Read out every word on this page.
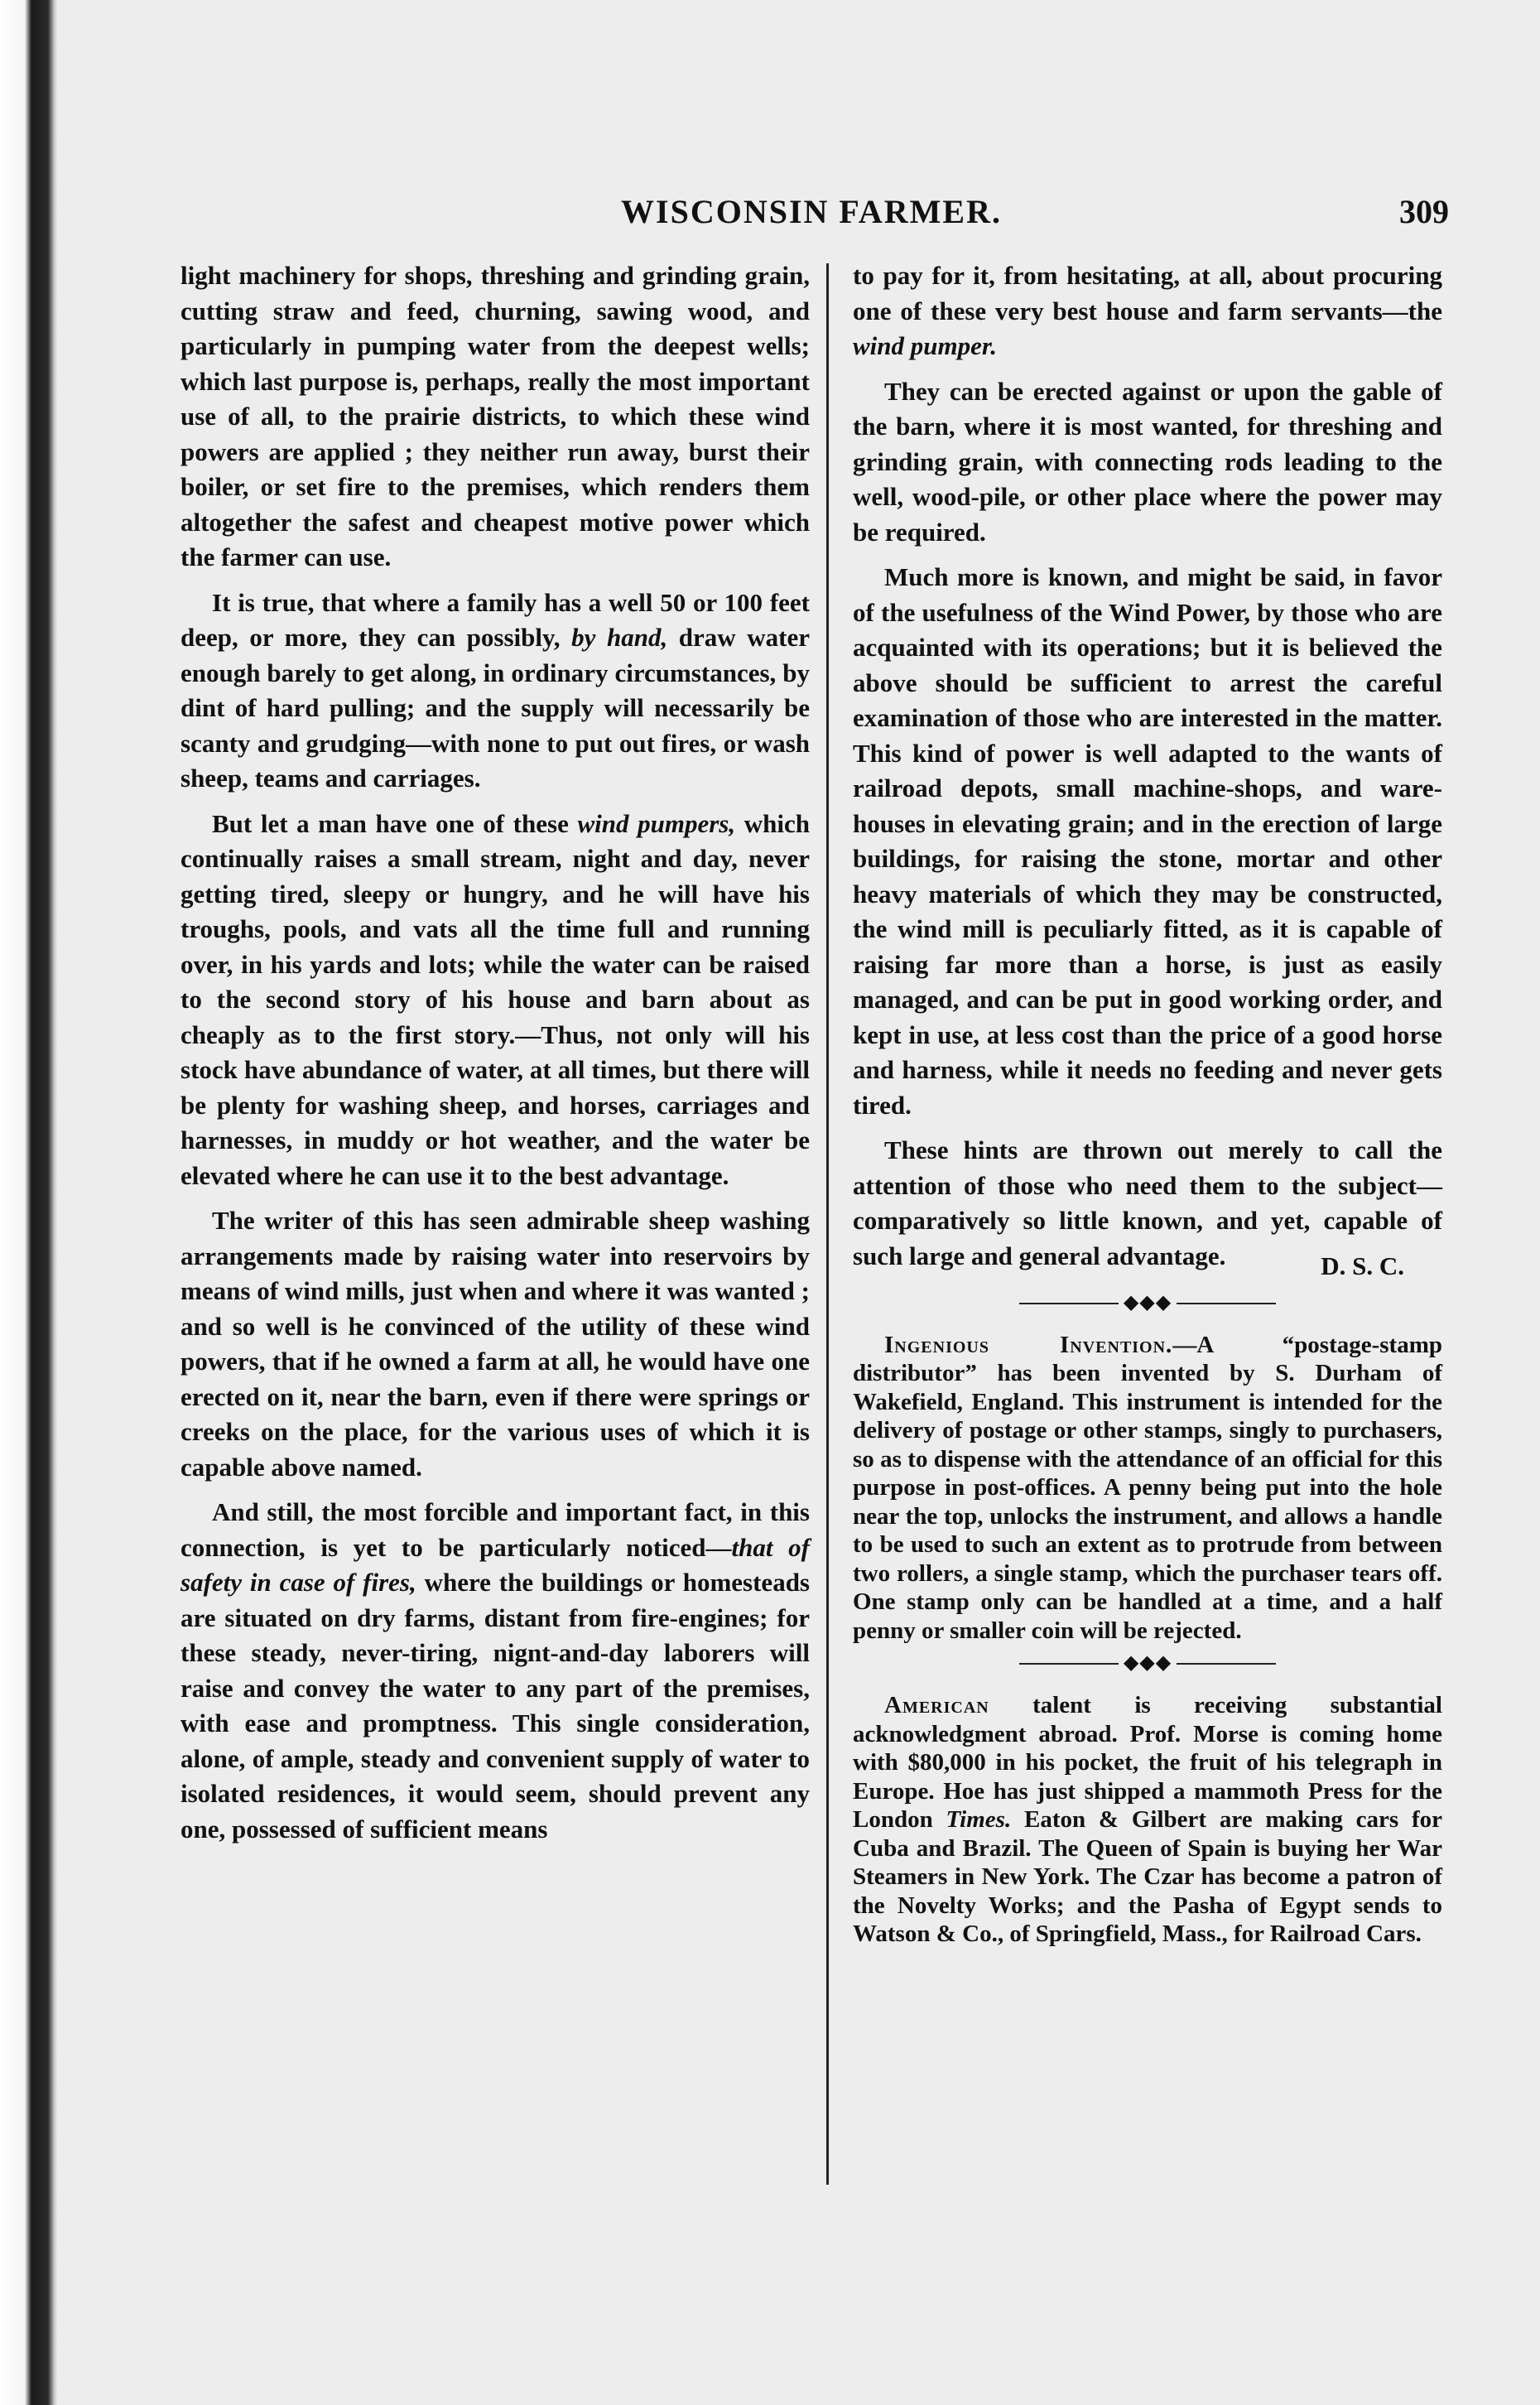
WISCONSIN FARMER.	309

light machinery for shops, threshing and grinding grain, cutting straw and feed, churning, sawing wood, and particularly in pumping water from the deepest wells; which last purpose is, perhaps, really the most important use of all, to the prairie districts, to which these wind powers are applied ; they neither run away, burst their boiler, or set fire to the premises, which renders them altogether the safest and cheapest motive power which the farmer can use.

It is true, that where a family has a well 50 or 100 feet deep, or more, they can possibly, by hand, draw water enough barely to get along, in ordinary circumstances, by dint of hard pulling; and the supply will necessarily be scanty and grudging—with none to put out fires, or wash sheep, teams and carriages.

But let a man have one of these wind pumpers, which continually raises a small stream, night and day, never getting tired, sleepy or hungry, and he will have his troughs, pools, and vats all the time full and running over, in his yards and lots; while the water can be raised to the second story of his house and barn about as cheaply as to the first story.—Thus, not only will his stock have abundance of water, at all times, but there will be plenty for washing sheep, and horses, carriages and harnesses, in muddy or hot weather, and the water be elevated where he can use it to the best advantage.

The writer of this has seen admirable sheep washing arrangements made by raising water into reservoirs by means of wind mills, just when and where it was wanted ; and so well is he convinced of the utility of these wind powers, that if he owned a farm at all, he would have one erected on it, near the barn, even if there were springs or creeks on the place, for the various uses of which it is capable above named.

And still, the most forcible and important fact, in this connection, is yet to be particularly noticed—that of safety in case of fires, where the buildings or homesteads are situated on dry farms, distant from fire-engines; for these steady, never-tiring, nignt-and-day laborers will raise and convey the water to any part of the premises, with ease and promptness. This single consideration, alone, of ample, steady and convenient supply of water to isolated residences, it would seem, should prevent any one, possessed of sufficient means

to pay for it, from hesitating, at all, about procuring one of these very best house and farm servants—the wind pumper.

They can be erected against or upon the gable of the barn, where it is most wanted, for threshing and grinding grain, with connecting rods leading to the well, wood-pile, or other place where the power may be required.

Much more is known, and might be said, in favor of the usefulness of the Wind Power, by those who are acquainted with its operations; but it is believed the above should be sufficient to arrest the careful examination of those who are interested in the matter. This kind of power is well adapted to the wants of railroad depots, small machine-shops, and ware-houses in elevating grain; and in the erection of large buildings, for raising the stone, mortar and other heavy materials of which they may be constructed, the wind mill is peculiarly fitted, as it is capable of raising far more than a horse, is just as easily managed, and can be put in good working order, and kept in use, at less cost than the price of a good horse and harness, while it needs no feeding and never gets tired.

These hints are thrown out merely to call the attention of those who need them to the subject—comparatively so little known, and yet, capable of such large and general advantage.	D. S. C.
◆◆◆

Ingenious Invention.—A “postage-stamp distributor” has been invented by S. Durham of Wakefield, England. This instrument is intended for the delivery of postage or other stamps, singly to purchasers, so as to dispense with the attendance of an official for this purpose in post-offices. A penny being put into the hole near the top, unlocks the instrument, and allows a handle to be used to such an extent as to protrude from between two rollers, a single stamp, which the purchaser tears off. One stamp only can be handled at a time, and a half penny or smaller coin will be rejected.

◆◆◆

American talent is receiving substantial acknowledgment abroad. Prof. Morse is coming home with $80,000 in his pocket, the fruit of his telegraph in Europe. Hoe has just shipped a mammoth Press for the London Times. Eaton & Gilbert are making cars for Cuba and Brazil. The Queen of Spain is buying her War Steamers in New York. The Czar has become a patron of the Novelty Works; and the Pasha of Egypt sends to Watson & Co., of Springfield, Mass., for Railroad Cars.
